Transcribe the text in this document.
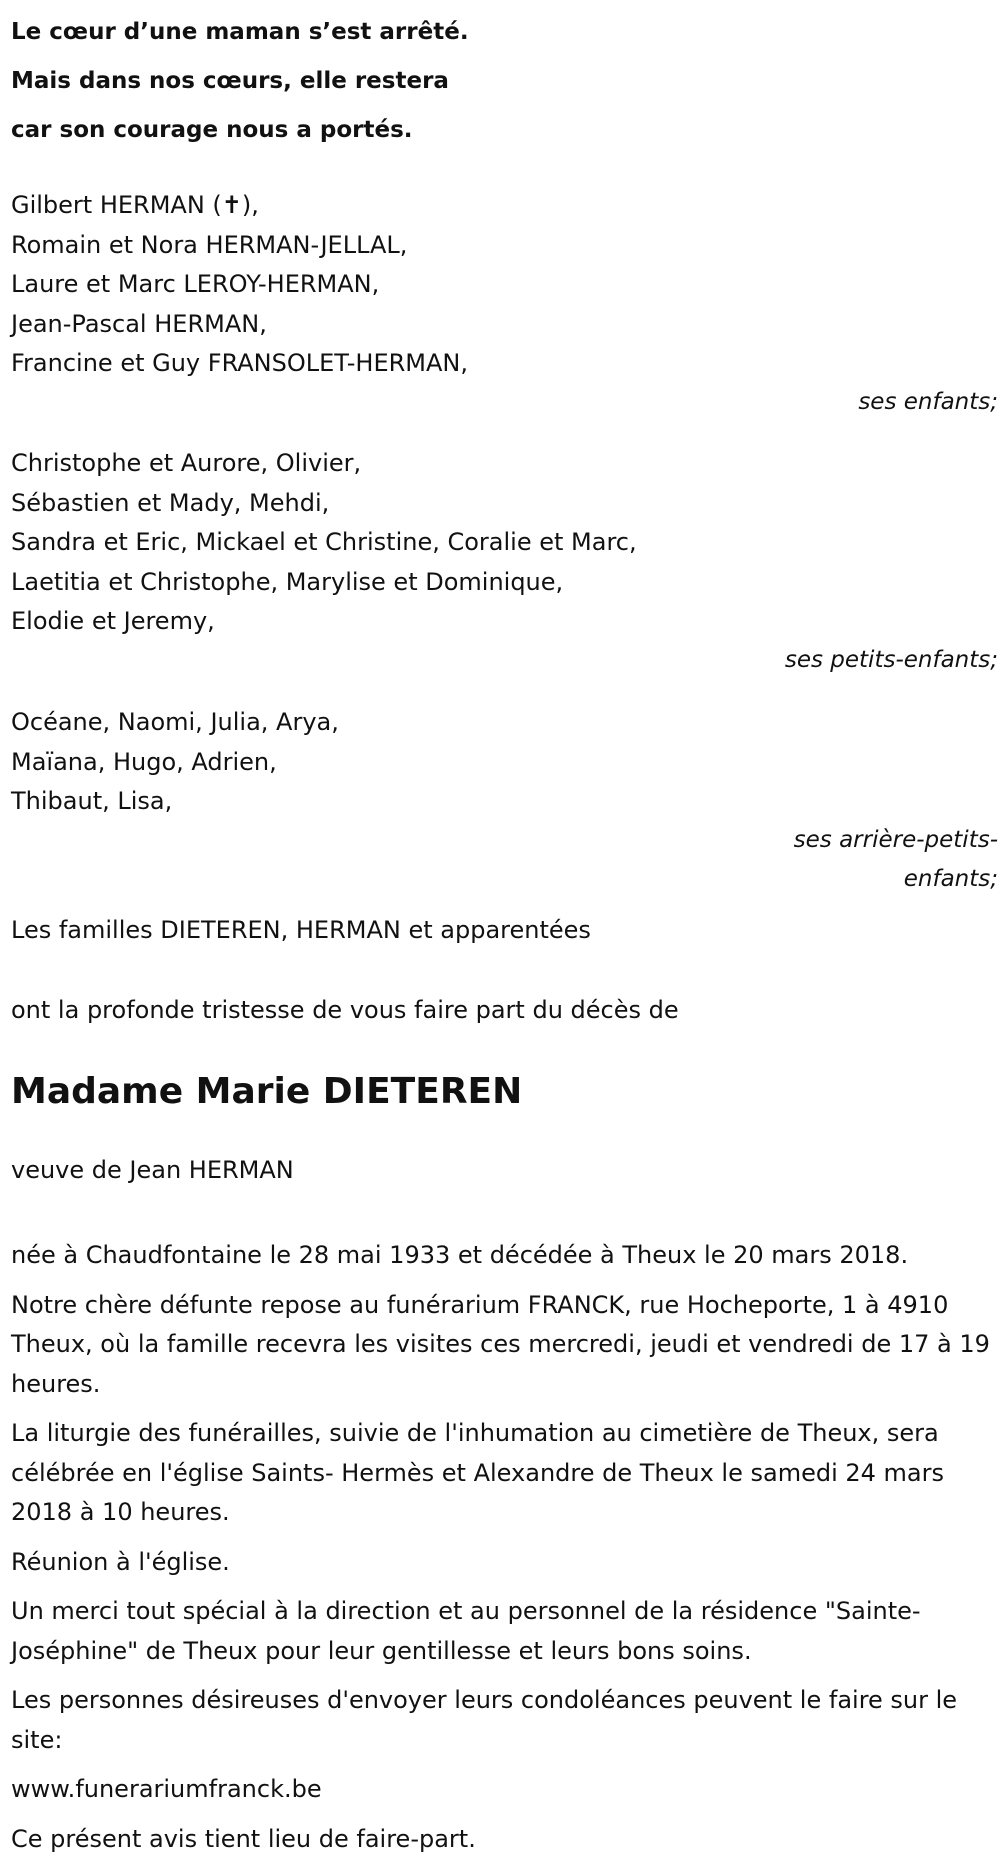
Le cœur d’une maman s’est arrêté.
Mais dans nos cœurs, elle restera
car son courage nous a portés.
Gilbert HERMAN (✝),
Romain et Nora HERMAN-JELLAL,
Laure et Marc LEROY-HERMAN,
Jean-Pascal HERMAN,
Francine et Guy FRANSOLET-HERMAN,
ses enfants;
Christophe et Aurore, Olivier,
Sébastien et Mady, Mehdi,
Sandra et Eric, Mickael et Christine, Coralie et Marc,
Laetitia et Christophe, Marylise et Dominique,
Elodie et Jeremy,
ses petits-enfants;
Océane, Naomi, Julia, Arya,
Maïana, Hugo, Adrien,
Thibaut, Lisa,
ses arrière-petits-enfants;
Les familles DIETEREN, HERMAN et apparentées
ont la profonde tristesse de vous faire part du décès de
Madame Marie DIETEREN
veuve de Jean HERMAN
née à Chaudfontaine le 28 mai 1933 et décédée à Theux le 20 mars 2018.
Notre chère défunte repose au funérarium FRANCK, rue Hocheporte, 1 à 4910 Theux, où la famille recevra les visites ces mercredi, jeudi et vendredi de 17 à 19 heures.
La liturgie des funérailles, suivie de l'inhumation au cimetière de Theux, sera célébrée en l'église Saints- Hermès et Alexandre de Theux le samedi 24 mars 2018 à 10 heures.
Réunion à l'église.
Un merci tout spécial à la direction et au personnel de la résidence "Sainte-Joséphine" de Theux pour leur gentillesse et leurs bons soins.
Les personnes désireuses d'envoyer leurs condoléances peuvent le faire sur le site:
www.funerariumfranck.be
Ce présent avis tient lieu de faire-part.
